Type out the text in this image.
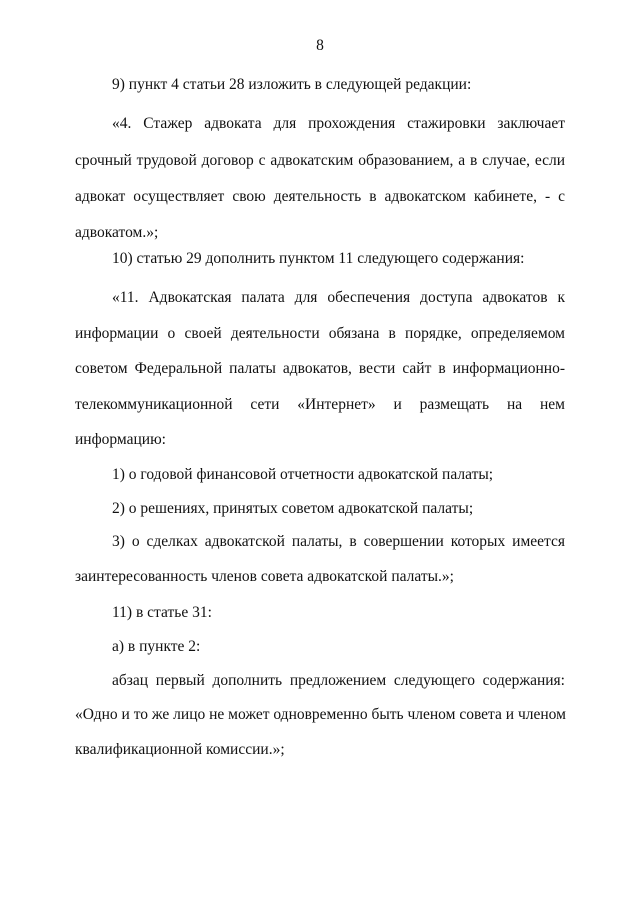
8
9) пункт 4 статьи 28 изложить в следующей редакции:
«4. Стажер адвоката для прохождения стажировки заключает
срочный трудовой договор с адвокатским образованием, а в случае, если
адвокат осуществляет свою деятельность в адвокатском кабинете, - с
адвокатом.»;
10) статью 29 дополнить пунктом 11 следующего содержания:
«11. Адвокатская палата для обеспечения доступа адвокатов к
информации о своей деятельности обязана в порядке, определяемом
советом Федеральной палаты адвокатов, вести сайт в информационно-
телекоммуникационной сети «Интернет» и размещать на нем
информацию:
1) о годовой финансовой отчетности адвокатской палаты;
2) о решениях, принятых советом адвокатской палаты;
3) о сделках адвокатской палаты, в совершении которых имеется
заинтересованность членов совета адвокатской палаты.»;
11) в статье 31:
а) в пункте 2:
абзац первый дополнить предложением следующего содержания:
«Одно и то же лицо не может одновременно быть членом совета и членом
квалификационной комиссии.»;
